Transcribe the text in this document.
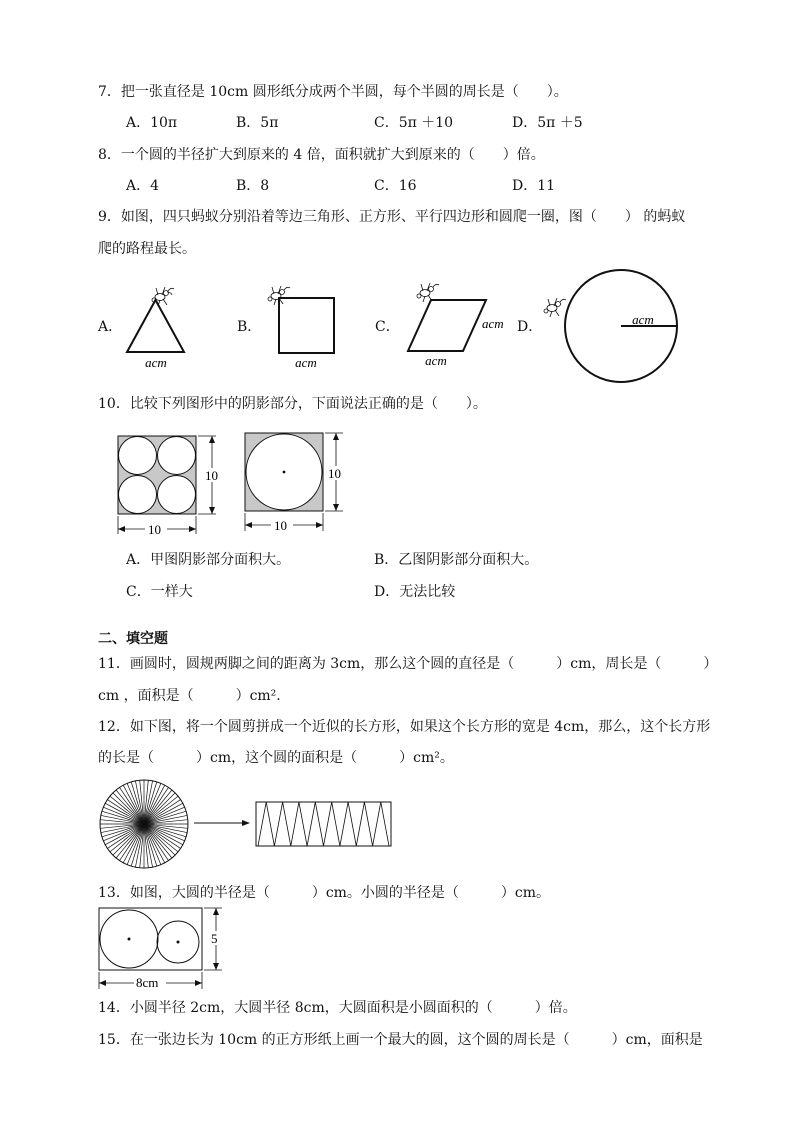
7．把一张直径是 10cm 圆形纸分成两个半圆，每个半圆的周长是（　　）。
A．10π	B．5π	C．5π ＋10	D．5π ＋5
8．一个圆的半径扩大到原来的 4 倍，面积就扩大到原来的（　　）倍。
A．4	B．8	C．16	D．11
9．如图，四只蚂蚁分别沿着等边三角形、正方形、平行四边形和圆爬一圈，图（　　） 的蚂蚁
爬的路程最长。
A．	B．	C．	D．
acm	acm
acm
acm
acm
10．比较下列图形中的阴影部分，下面说法正确的是（　　）。
10
10
10
10
A．甲图阴影部分面积大。	B．乙图阴影部分面积大。
C．一样大	D．无法比较
二、填空题
11．画圆时，圆规两脚之间的距离为 3cm，那么这个圆的直径是（　　　）cm，周长是（　　　）
cm ，面积是（　　　）cm².
12．如下图，将一个圆剪拼成一个近似的长方形，如果这个长方形的宽是 4cm，那么，这个长方形
的长是（　　　）cm，这个圆的面积是（　　　）cm²。
13．如图，大圆的半径是（　　　）cm。小圆的半径是（　　　）cm。
5
8cm
14．小圆半径 2cm，大圆半径 8cm，大圆面积是小圆面积的（　　　）倍。
15．在一张边长为 10cm 的正方形纸上画一个最大的圆，这个圆的周长是（　　　）cm，面积是
